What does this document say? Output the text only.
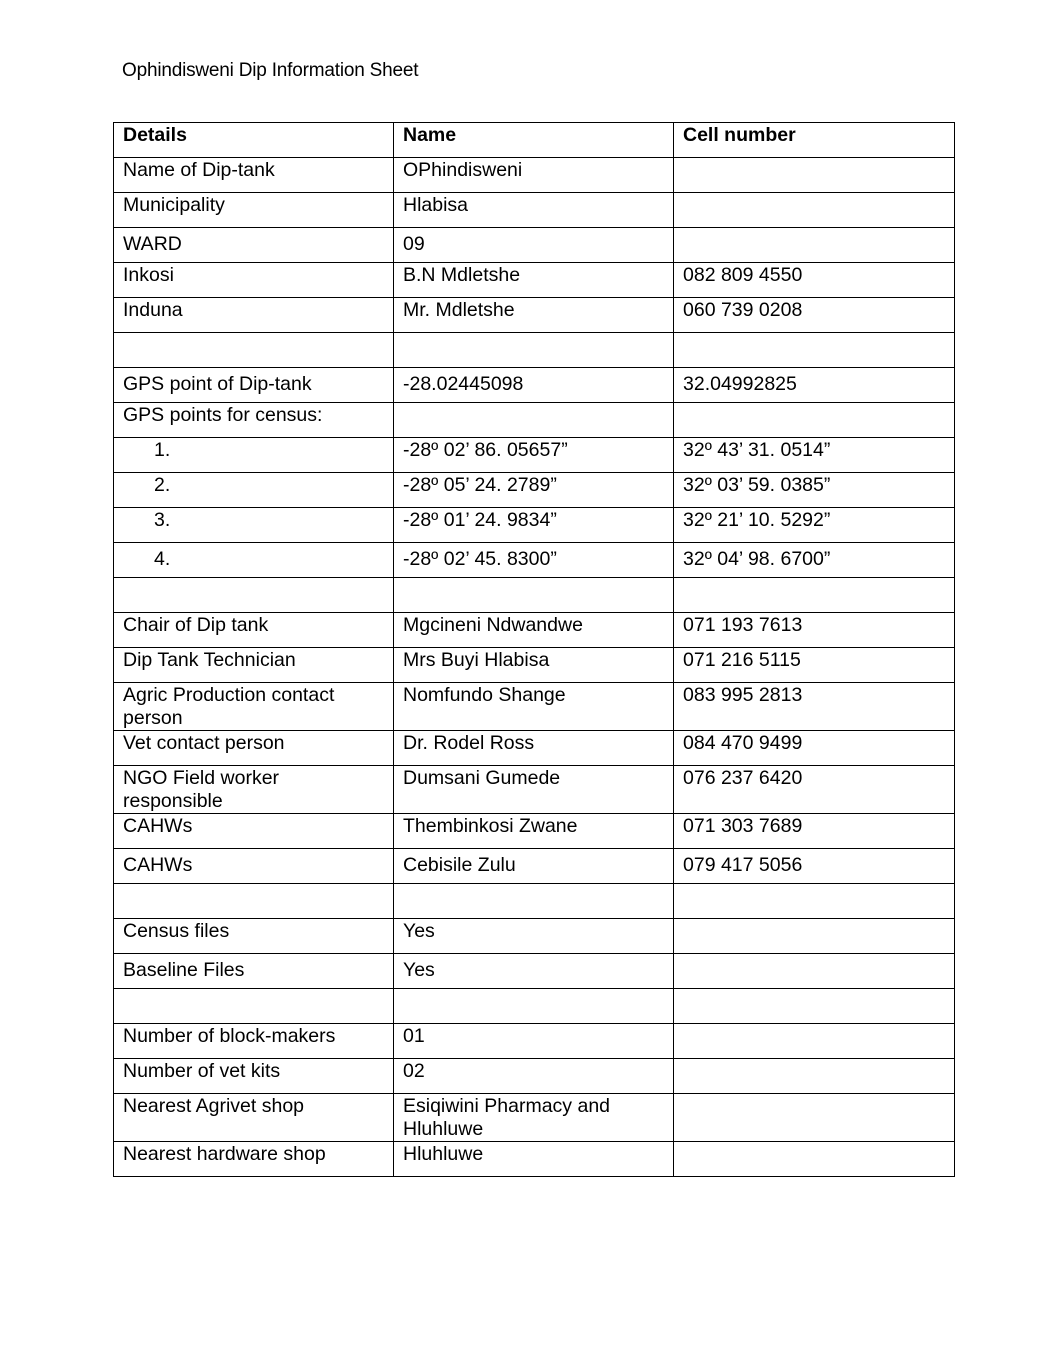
Ophindisweni Dip Information Sheet
Details	Name	Cell number
Name of Dip-tank	OPhindisweni	
Municipality	Hlabisa	
WARD	09	
Inkosi	B.N Mdletshe	082 809 4550
Induna	Mr. Mdletshe	060 739 0208

GPS point of Dip-tank	-28.02445098	32.04992825
GPS points for census:		
1.	-28º 02’ 86. 05657”	32º 43’ 31. 0514”
2.	-28º 05’ 24. 2789”	32º 03’ 59. 0385”
3.	-28º 01’ 24. 9834”	32º 21’ 10. 5292”
4.	-28º 02’ 45. 8300”	32º 04’ 98. 6700”

Chair of Dip tank	Mgcineni Ndwandwe	071 193 7613
Dip Tank Technician	Mrs Buyi Hlabisa	071 216 5115
Agric Production contact person	Nomfundo Shange	083 995 2813
Vet contact person	Dr. Rodel Ross	084 470 9499
NGO Field worker responsible	Dumsani Gumede	076 237 6420
CAHWs	Thembinkosi Zwane	071 303 7689
CAHWs	Cebisile Zulu	079 417 5056

Census files	Yes	
Baseline Files	Yes	

Number of block-makers	01	
Number of vet kits	02	
Nearest Agrivet shop	Esiqiwini Pharmacy and Hluhluwe	
Nearest hardware shop	Hluhluwe	
